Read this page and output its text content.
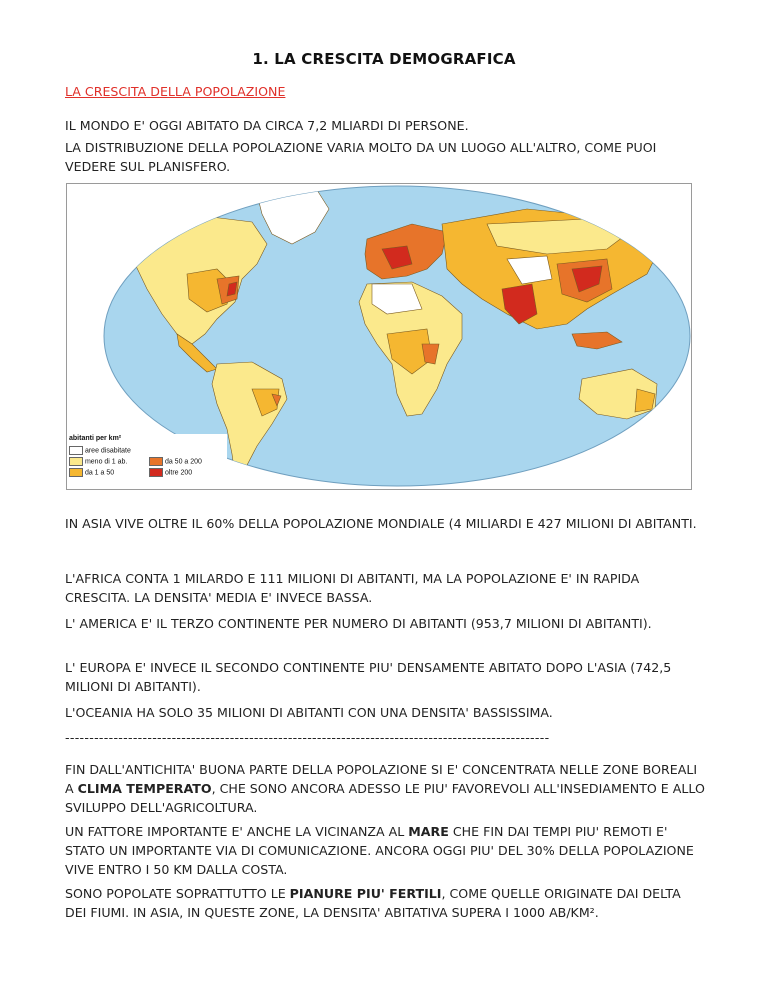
1. LA CRESCITA DEMOGRAFICA
LA CRESCITA DELLA POPOLAZIONE
IL MONDO E' OGGI ABITATO DA CIRCA 7,2 MLIARDI DI PERSONE.
LA DISTRIBUZIONE DELLA POPOLAZIONE VARIA MOLTO DA UN LUOGO ALL'ALTRO, COME PUOI VEDERE SUL PLANISFERO.
abitanti per km²
aree disabitate
meno di 1 ab.
da 1 a 50
da 50 a 200
oltre 200
IN ASIA VIVE OLTRE IL 60% DELLA POPOLAZIONE MONDIALE (4 MILIARDI E 427 MILIONI DI ABITANTI.
L'AFRICA CONTA 1 MILARDO E 111 MILIONI DI ABITANTI, MA LA POPOLAZIONE E' IN RAPIDA CRESCITA. LA DENSITA' MEDIA E' INVECE BASSA.
L' AMERICA E' IL TERZO CONTINENTE PER NUMERO DI ABITANTI (953,7 MILIONI DI ABITANTI).
L' EUROPA E' INVECE IL SECONDO CONTINENTE PIU' DENSAMENTE ABITATO DOPO L'ASIA (742,5 MILIONI DI ABITANTI).
L'OCEANIA HA SOLO 35 MILIONI DI ABITANTI CON UNA DENSITA' BASSISSIMA.
----------------------------------------------------------------------------------------------------
FIN DALL'ANTICHITA' BUONA PARTE DELLA POPOLAZIONE SI E' CONCENTRATA NELLE ZONE BOREALI A CLIMA TEMPERATO, CHE SONO ANCORA ADESSO LE PIU' FAVOREVOLI ALL'INSEDIAMENTO E ALLO SVILUPPO DELL'AGRICOLTURA.
UN FATTORE IMPORTANTE E' ANCHE LA VICINANZA AL MARE CHE FIN DAI TEMPI PIU' REMOTI E' STATO UN IMPORTANTE VIA DI COMUNICAZIONE. ANCORA OGGI PIU' DEL 30% DELLA POPOLAZIONE VIVE ENTRO I 50 KM DALLA COSTA.
SONO POPOLATE SOPRATTUTTO LE PIANURE PIU' FERTILI, COME QUELLE ORIGINATE DAI DELTA DEI FIUMI. IN ASIA, IN QUESTE ZONE, LA DENSITA' ABITATIVA SUPERA I 1000 AB/KM².
